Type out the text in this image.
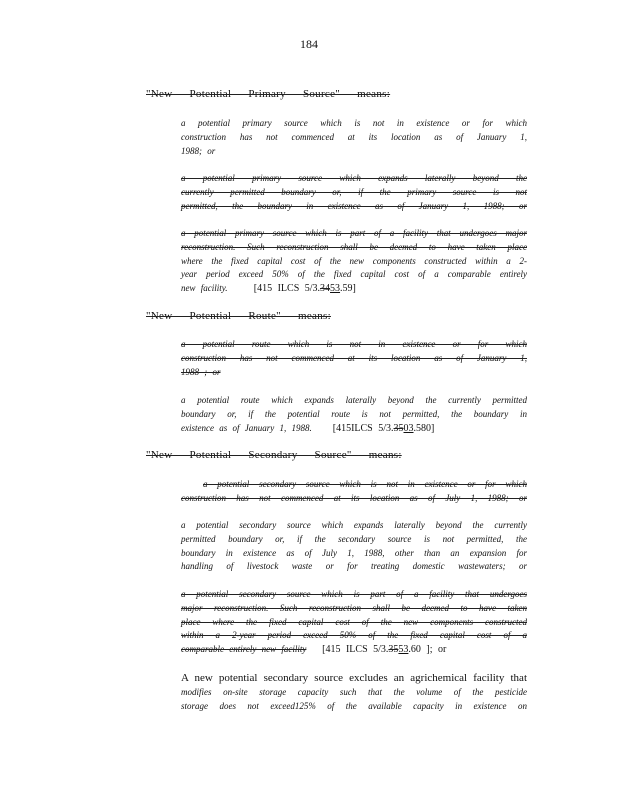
184
"New Potential Primary Source" means:
a potential primary source which is not in existence or for which
construction has not commenced at its location as of January 1,
1988; or
a potential primary source which expands laterally beyond the
currently permitted boundary or, if the primary source is not
permitted, the boundary in existence as of January 1, 1988; or
a potential primary source which is part of a facility that undergoes major
reconstruction. Such reconstruction shall be deemed to have taken place
where the fixed capital cost of the new components constructed within a 2-
year period exceed 50% of the fixed capital cost of a comparable entirely
new facility.	[415 ILCS 5/3.3453.59]
"New Potential Route" means:
a potential route which is not in existence or for which
construction has not commenced at its location as of January 1,
1988 ; or
a potential route which expands laterally beyond the currently permitted
boundary or, if the potential route is not permitted, the boundary in
existence as of January 1, 1988. [415ILCS 5/3.3503.580]
"New Potential Secondary Source" means:
a potential secondary source which is not in existence or for which
construction has not commenced at its location as of July 1, 1988; or
a potential secondary source which expands laterally beyond the currently
permitted boundary or, if the secondary source is not permitted, the
boundary in existence as of July 1, 1988, other than an expansion for
handling of livestock waste or for treating domestic wastewaters; or
a potential secondary source which is part of a facility that undergoes
major reconstruction. Such reconstruction shall be deemed to have taken
place where the fixed capital cost of the new components constructed
within a 2-year period exceed 50% of the fixed capital cost of a
comparable entirely new facility [415 ILCS 5/3.3553.60 ]; or
A new potential secondary source excludes an agrichemical facility that
modifies on-site storage capacity such that the volume of the pesticide
storage does not exceed125% of the available capacity in existence on
